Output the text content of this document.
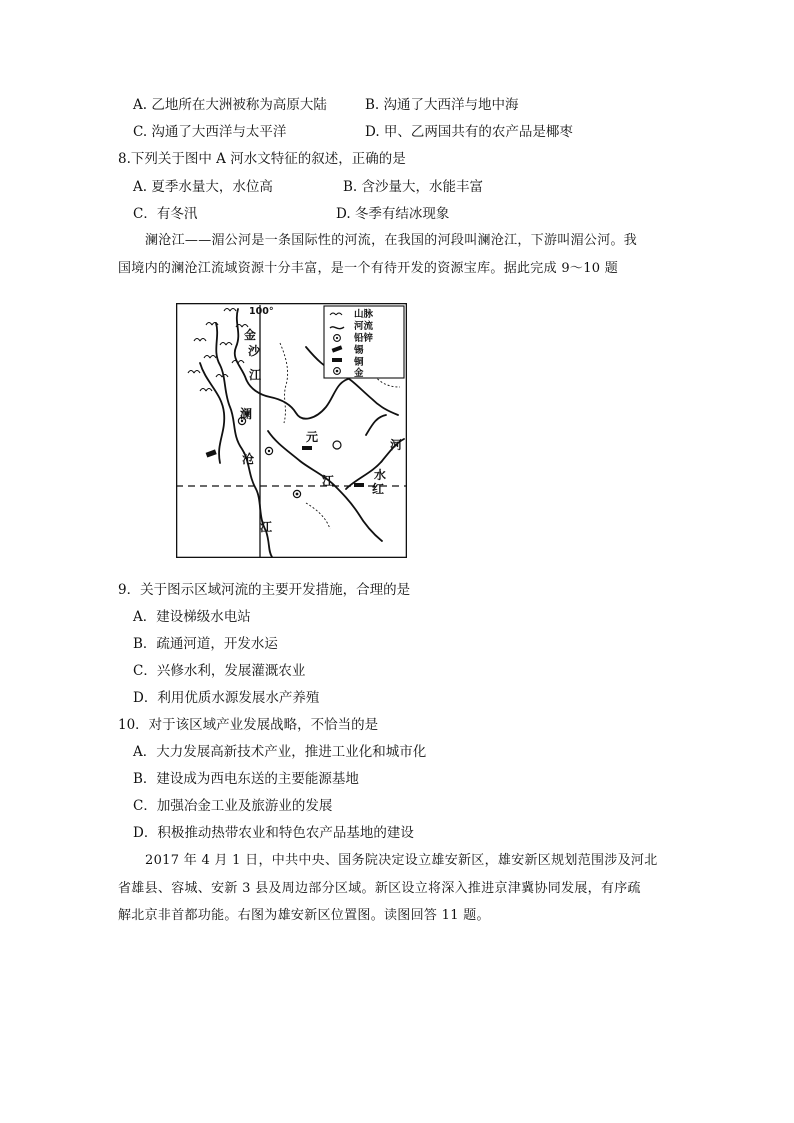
A. 乙地所在大洲被称为高原大陆	B. 沟通了大西洋与地中海
C. 沟通了大西洋与太平洋	D. 甲、乙两国共有的农产品是椰枣
8.下列关于图中 A 河水文特征的叙述，正确的是
A. 夏季水量大，水位高	B. 含沙量大，水能丰富
C．有冬汛	D. 冬季有结冰现象
澜沧江——湄公河是一条国际性的河流，在我国的河段叫澜沧江，下游叫湄公河。我
国境内的澜沧江流域资源十分丰富，是一个有待开发的资源宝库。据此完成 9～10 题
100°
金
沙
江
澜
沧
江
元
江
红
河
水
山脉
河流
铅锌
锡
铜
金
9．关于图示区域河流的主要开发措施，合理的是
A．建设梯级水电站
B．疏通河道，开发水运
C．兴修水利，发展灌溉农业
D．利用优质水源发展水产养殖
10．对于该区域产业发展战略，不恰当的是
A．大力发展高新技术产业，推进工业化和城市化
B．建设成为西电东送的主要能源基地
C．加强冶金工业及旅游业的发展
D．积极推动热带农业和特色农产品基地的建设
2017 年 4 月 1 日，中共中央、国务院决定设立雄安新区，雄安新区规划范围涉及河北
省雄县、容城、安新 3 县及周边部分区域。新区设立将深入推进京津冀协同发展，有序疏
解北京非首都功能。右图为雄安新区位置图。读图回答 11 题。
